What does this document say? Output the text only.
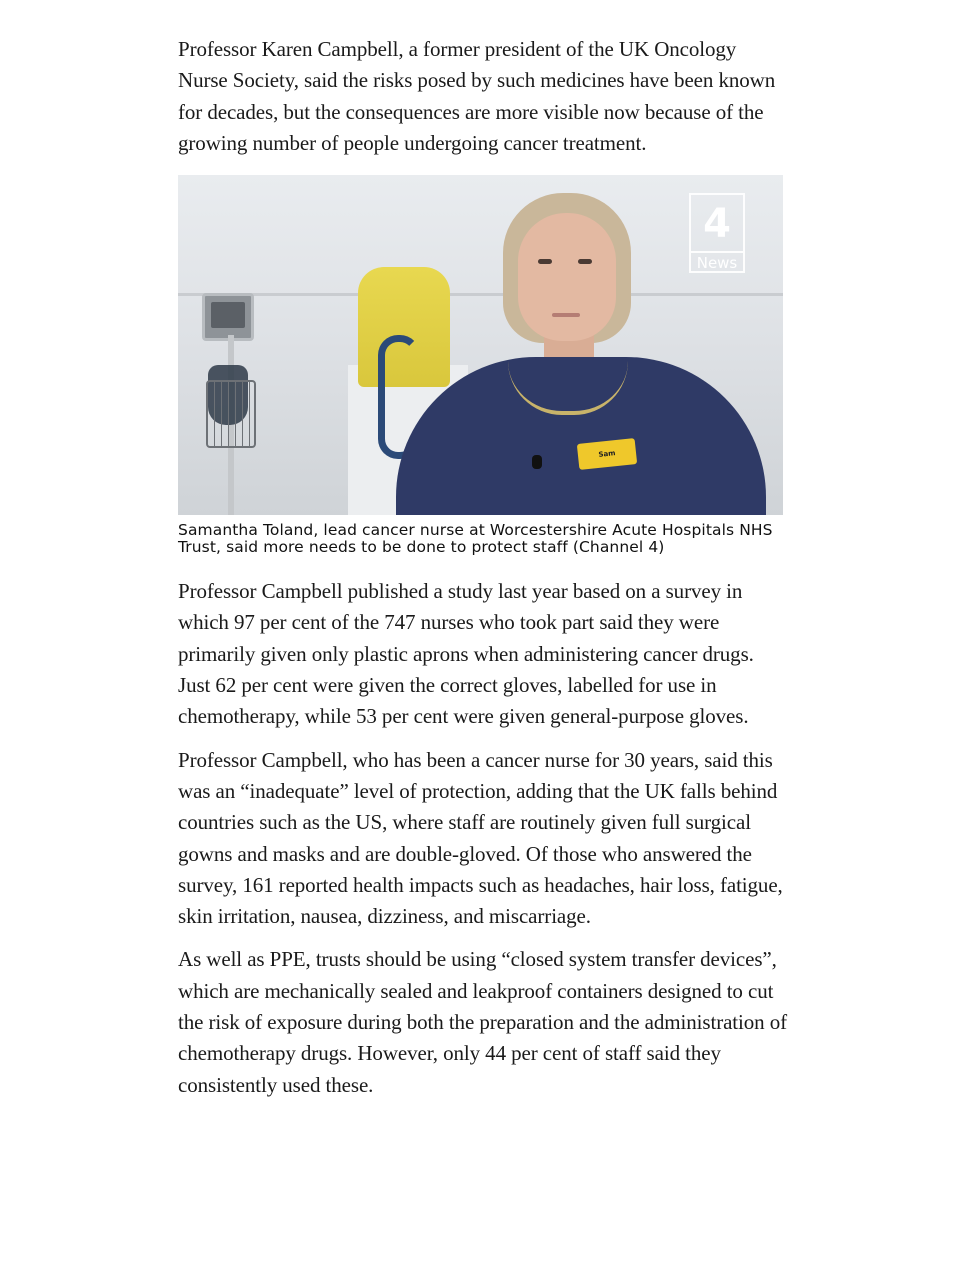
Professor Karen Campbell, a former president of the UK Oncology Nurse Society, said the risks posed by such medicines have been known for decades, but the consequences are more visible now because of the growing number of people undergoing cancer treatment.

Sam
4
News
Samantha Toland, lead cancer nurse at Worcestershire Acute Hospitals NHS Trust, said more needs to be done to protect staff (Channel 4)

Professor Campbell published a study last year based on a survey in which 97 per cent of the 747 nurses who took part said they were primarily given only plastic aprons when administering cancer drugs. Just 62 per cent were given the correct gloves, labelled for use in chemotherapy, while 53 per cent were given general-purpose gloves.

Professor Campbell, who has been a cancer nurse for 30 years, said this was an “inadequate” level of protection, adding that the UK falls behind countries such as the US, where staff are routinely given full surgical gowns and masks and are double-gloved. Of those who answered the survey, 161 reported health impacts such as headaches, hair loss, fatigue, skin irritation, nausea, dizziness, and miscarriage.

As well as PPE, trusts should be using “closed system transfer devices”, which are mechanically sealed and leakproof containers designed to cut the risk of exposure during both the preparation and the administration of chemotherapy drugs. However, only 44 per cent of staff said they consistently used these.
